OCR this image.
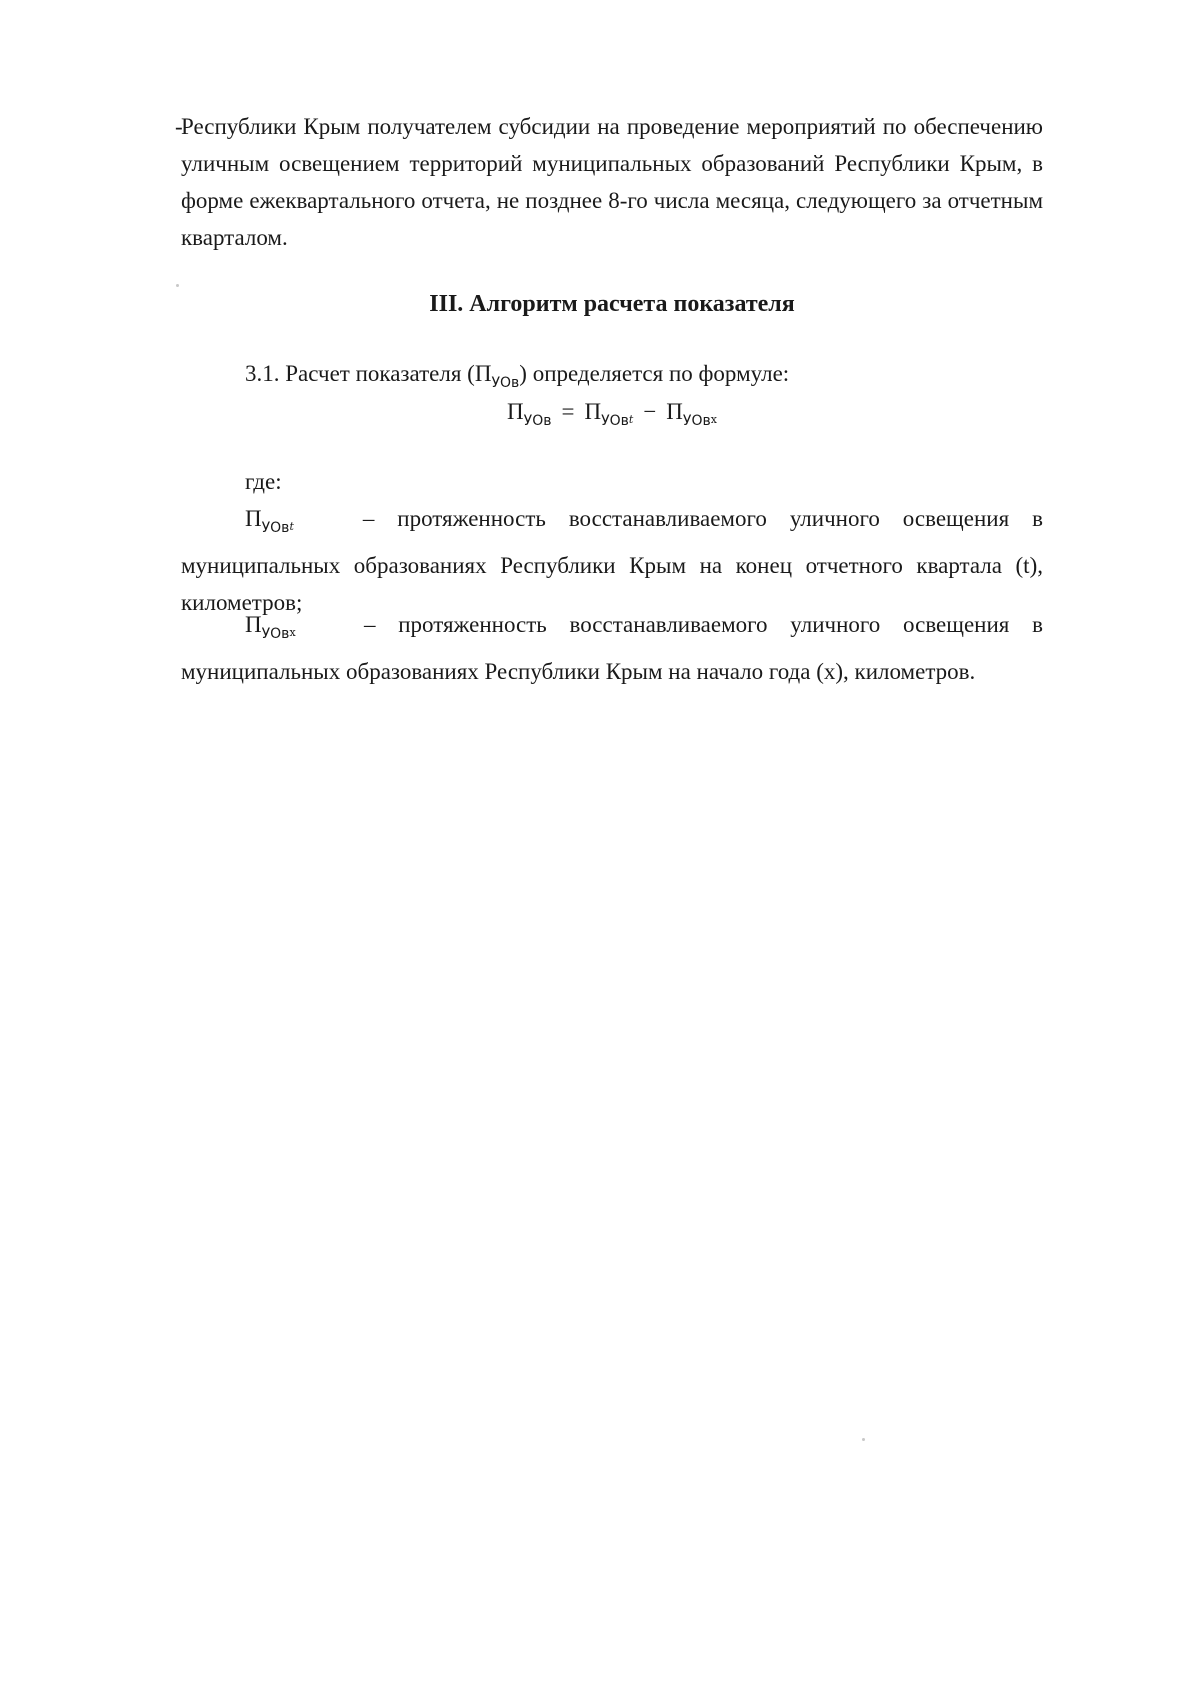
-
Республики Крым получателем субсидии на проведение мероприятий по обеспечению уличным освещением территорий муниципальных образований Республики Крым, в форме ежеквартального отчета, не позднее 8-го числа месяца, следующего за отчетным кварталом.
III. Алгоритм расчета показателя
3.1. Расчет показателя $(П_{УОв})$ определяется по формуле:
$П_{УОв} = П_{УОв}t - П_{УОв}х$
где:
$П_{УОв}t$	– протяженность восстанавливаемого уличного освещения в муниципальных образованиях Республики Крым на конец отчетного квартала (t), километров;
$П_{УОв}х$	– протяженность восстанавливаемого уличного освещения в муниципальных образованиях Республики Крым на начало года (х), километров.
